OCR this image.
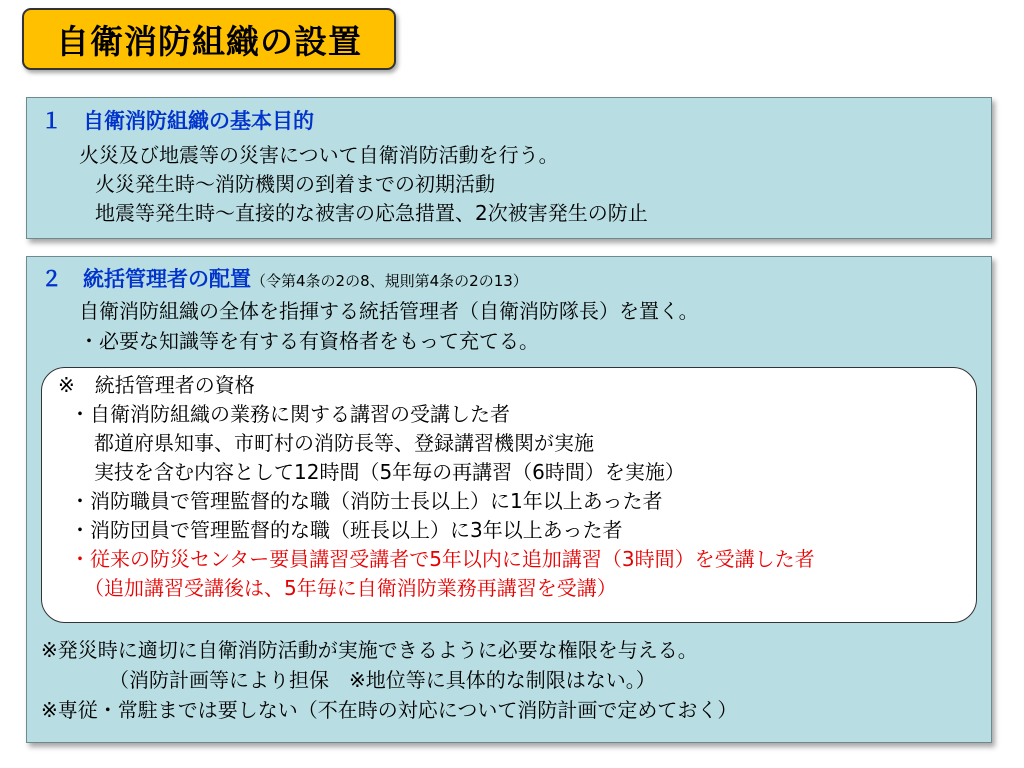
自衛消防組織の設置
１　自衛消防組織の基本目的
火災及び地震等の災害について自衛消防活動を行う。
火災発生時～消防機関の到着までの初期活動
地震等発生時～直接的な被害の応急措置、2次被害発生の防止
２　統括管理者の配置（令第4条の2の8、規則第4条の2の13）
自衛消防組織の全体を指揮する統括管理者（自衛消防隊長）を置く。
・必要な知識等を有する有資格者をもって充てる。
※　統括管理者の資格
・自衛消防組織の業務に関する講習の受講した者
都道府県知事、市町村の消防長等、登録講習機関が実施
実技を含む内容として12時間（5年毎の再講習（6時間）を実施）
・消防職員で管理監督的な職（消防士長以上）に1年以上あった者
・消防団員で管理監督的な職（班長以上）に3年以上あった者
・従来の防災センター要員講習受講者で5年以内に追加講習（3時間）を受講した者
（追加講習受講後は、5年毎に自衛消防業務再講習を受講）
※発災時に適切に自衛消防活動が実施できるように必要な権限を与える。
（消防計画等により担保　※地位等に具体的な制限はない。）
※専従・常駐までは要しない（不在時の対応について消防計画で定めておく）
